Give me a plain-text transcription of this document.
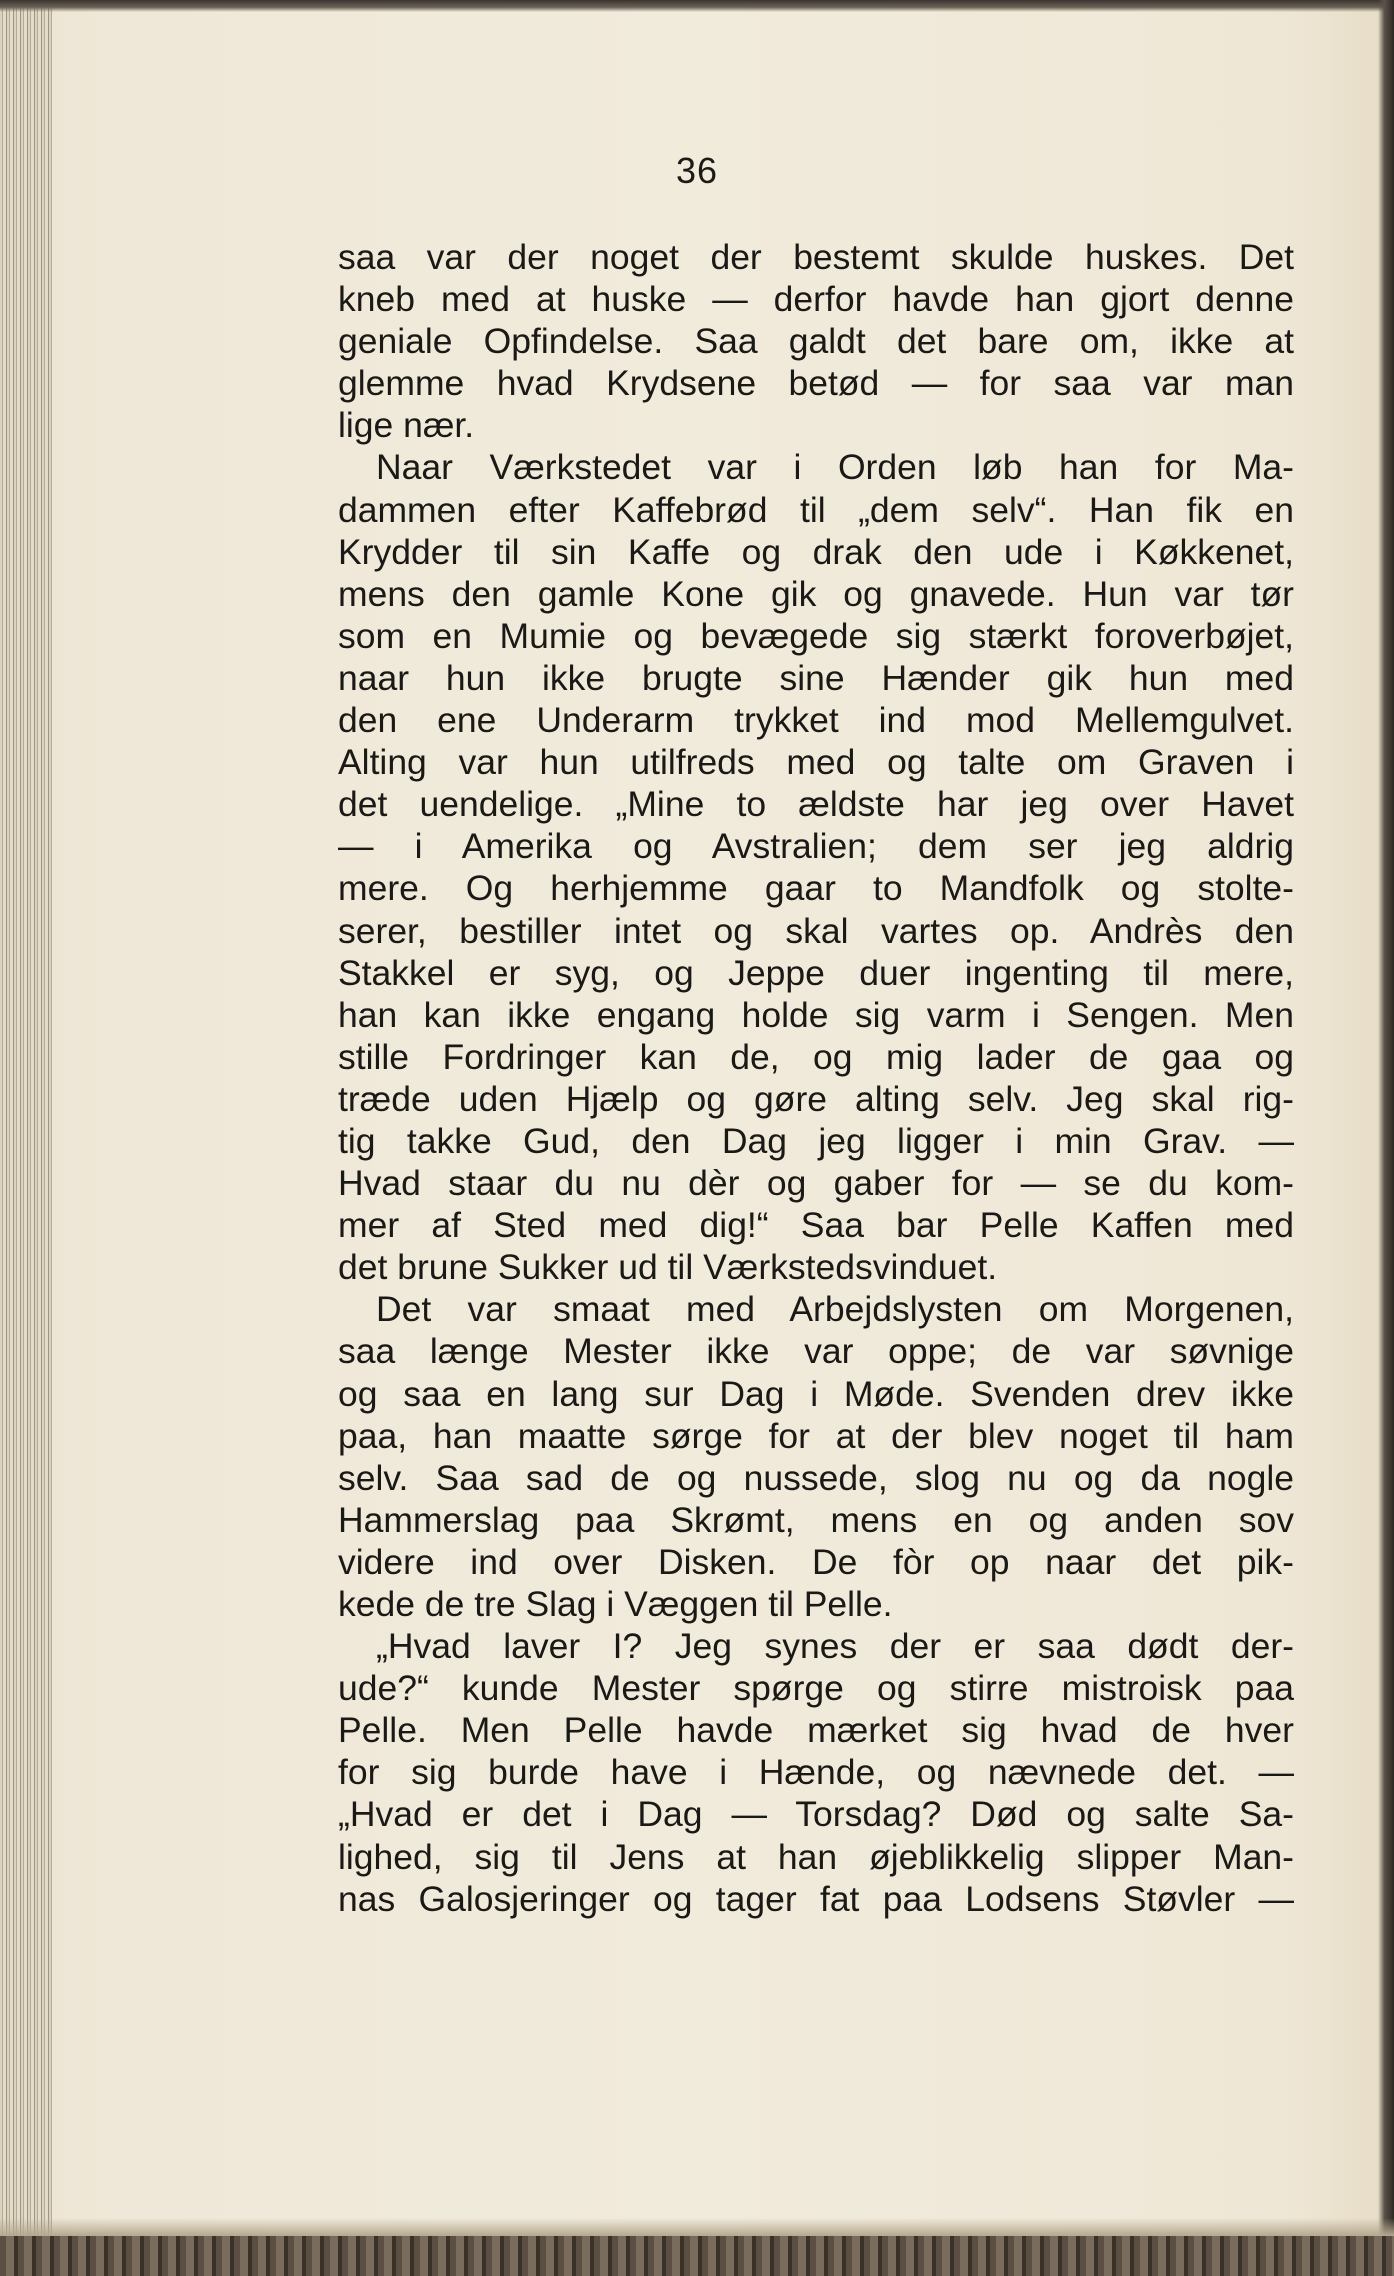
36
saa var der noget der bestemt skulde huskes. Det
kneb med at huske — derfor havde han gjort denne
geniale Opfindelse. Saa galdt det bare om, ikke at
glemme hvad Krydsene betød — for saa var man
lige nær.
Naar Værkstedet var i Orden løb han for Ma-
dammen efter Kaffebrød til „dem selv“. Han fik en
Krydder til sin Kaffe og drak den ude i Køkkenet,
mens den gamle Kone gik og gnavede. Hun var tør
som en Mumie og bevægede sig stærkt foroverbøjet,
naar hun ikke brugte sine Hænder gik hun med
den ene Underarm trykket ind mod Mellemgulvet.
Alting var hun utilfreds med og talte om Graven i
det uendelige. „Mine to ældste har jeg over Havet
— i Amerika og Avstralien; dem ser jeg aldrig
mere. Og herhjemme gaar to Mandfolk og stolte-
serer, bestiller intet og skal vartes op. Andrès den
Stakkel er syg, og Jeppe duer ingenting til mere,
han kan ikke engang holde sig varm i Sengen. Men
stille Fordringer kan de, og mig lader de gaa og
træde uden Hjælp og gøre alting selv. Jeg skal rig-
tig takke Gud, den Dag jeg ligger i min Grav. —
Hvad staar du nu dèr og gaber for — se du kom-
mer af Sted med dig!“ Saa bar Pelle Kaffen med
det brune Sukker ud til Værkstedsvinduet.
Det var smaat med Arbejdslysten om Morgenen,
saa længe Mester ikke var oppe; de var søvnige
og saa en lang sur Dag i Møde. Svenden drev ikke
paa, han maatte sørge for at der blev noget til ham
selv. Saa sad de og nussede, slog nu og da nogle
Hammerslag paa Skrømt, mens en og anden sov
videre ind over Disken. De fòr op naar det pik-
kede de tre Slag i Væggen til Pelle.
„Hvad laver I? Jeg synes der er saa dødt der-
ude?“ kunde Mester spørge og stirre mistroisk paa
Pelle. Men Pelle havde mærket sig hvad de hver
for sig burde have i Hænde, og nævnede det. —
„Hvad er det i Dag — Torsdag? Død og salte Sa-
lighed, sig til Jens at han øjeblikkelig slipper Man-
nas Galosjeringer og tager fat paa Lodsens Støvler —
